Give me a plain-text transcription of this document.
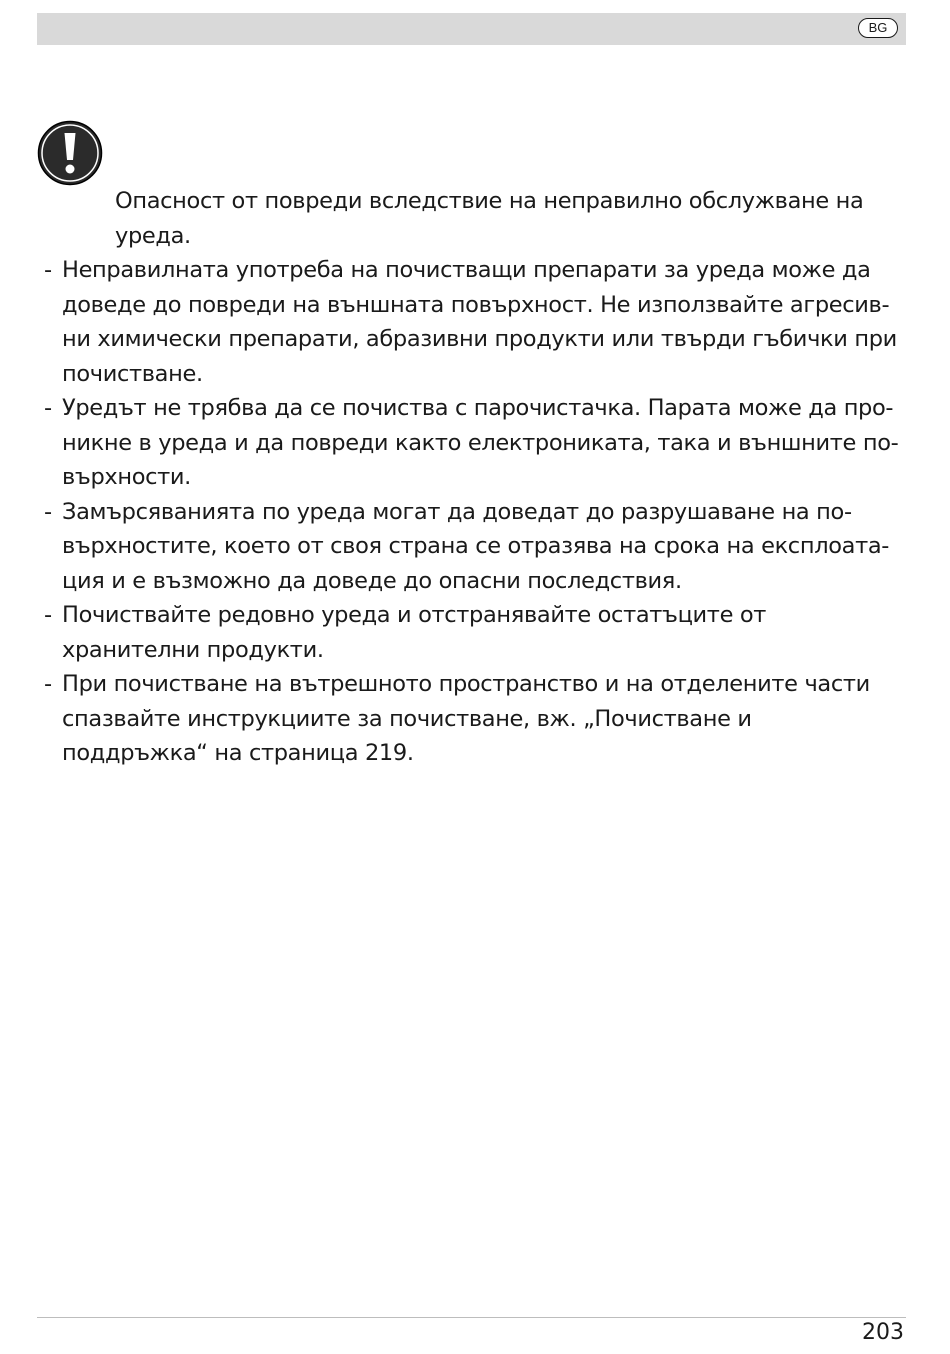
BG

Опасност от повреди вследствие на неправилно обслужване на уреда.

- Неправилната употреба на почистващи препарати за уреда може да доведе до повреди на външната повърхност. Не използвайте агресивни химически препарати, абразивни продукти или твърди гъбички при почистване.
- Уредът не трябва да се почиства с парочистачка. Парата може да проникне в уреда и да повреди както електрониката, така и външните повърхности.
- Замърсяванията по уреда могат да доведат до разрушаване на повърхностите, което от своя страна се отразява на срока на експлоатация и е възможно да доведе до опасни последствия.
- Почиствайте редовно уреда и отстранявайте остатъците от хранителни продукти.
- При почистване на вътрешното пространство и на отделените части спазвайте инструкциите за почистване, вж. „Почистване и поддръжка“ на страница 219.
203
